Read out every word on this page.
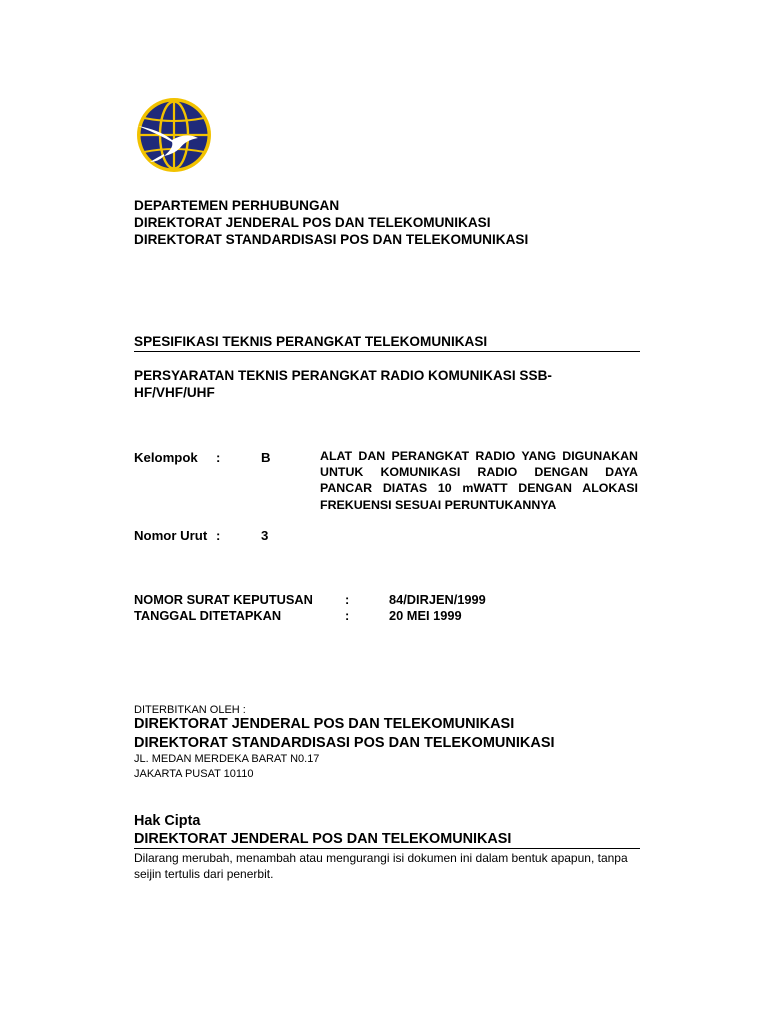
DEPARTEMEN PERHUBUNGAN
DIREKTORAT JENDERAL POS DAN TELEKOMUNIKASI
DIREKTORAT STANDARDISASI POS DAN TELEKOMUNIKASI
SPESIFIKASI TEKNIS PERANGKAT TELEKOMUNIKASI
PERSYARATAN TEKNIS PERANGKAT RADIO KOMUNIKASI SSB-
HF/VHF/UHF
Kelompok :	B	ALAT DAN PERANGKAT RADIO YANG DIGUNAKAN UNTUK KOMUNIKASI RADIO DENGAN DAYA PANCAR DIATAS 10 mWATT DENGAN ALOKASI FREKUENSI SESUAI PERUNTUKANNYA
Nomor Urut :	3
NOMOR SURAT KEPUTUSAN	:	84/DIRJEN/1999
TANGGAL DITETAPKAN	:	20 MEI 1999
DITERBITKAN OLEH :
DIREKTORAT JENDERAL POS DAN TELEKOMUNIKASI
DIREKTORAT STANDARDISASI POS DAN TELEKOMUNIKASI
JL. MEDAN MERDEKA BARAT N0.17
JAKARTA PUSAT 10110
Hak Cipta
DIREKTORAT JENDERAL POS DAN TELEKOMUNIKASI
Dilarang merubah, menambah atau mengurangi isi dokumen ini dalam bentuk apapun, tanpa seijin tertulis dari penerbit.
